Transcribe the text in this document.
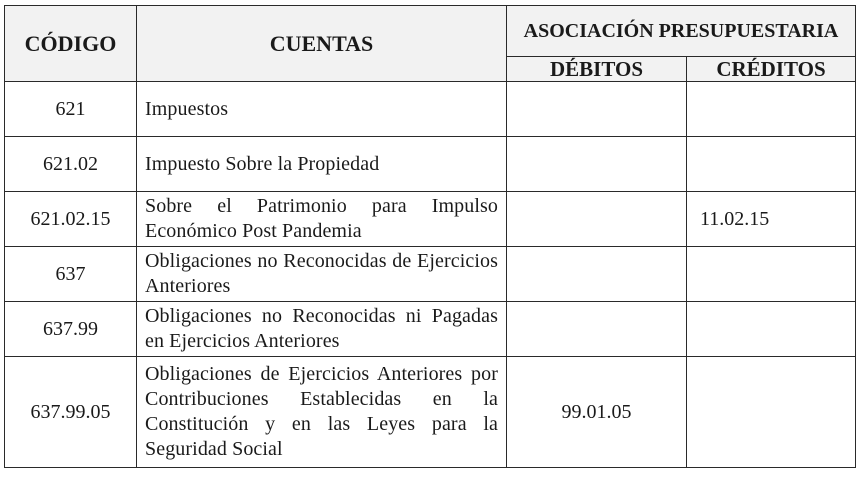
CÓDIGO	CUENTAS	ASOCIACIÓN PRESUPUESTARIA	
		DÉBITOS	CRÉDITOS
621	Impuestos		
621.02	Impuesto Sobre la Propiedad		
621.02.15	Sobre el Patrimonio para Impulso Económico Post Pandemia		11.02.15
637	Obligaciones no Reconocidas de Ejercicios Anteriores		
637.99	Obligaciones no Reconocidas ni Pagadas en Ejercicios Anteriores		
637.99.05	Obligaciones de Ejercicios Anteriores por Contribuciones Establecidas en la Constitución y en las Leyes para la Seguridad Social	99.01.05	
